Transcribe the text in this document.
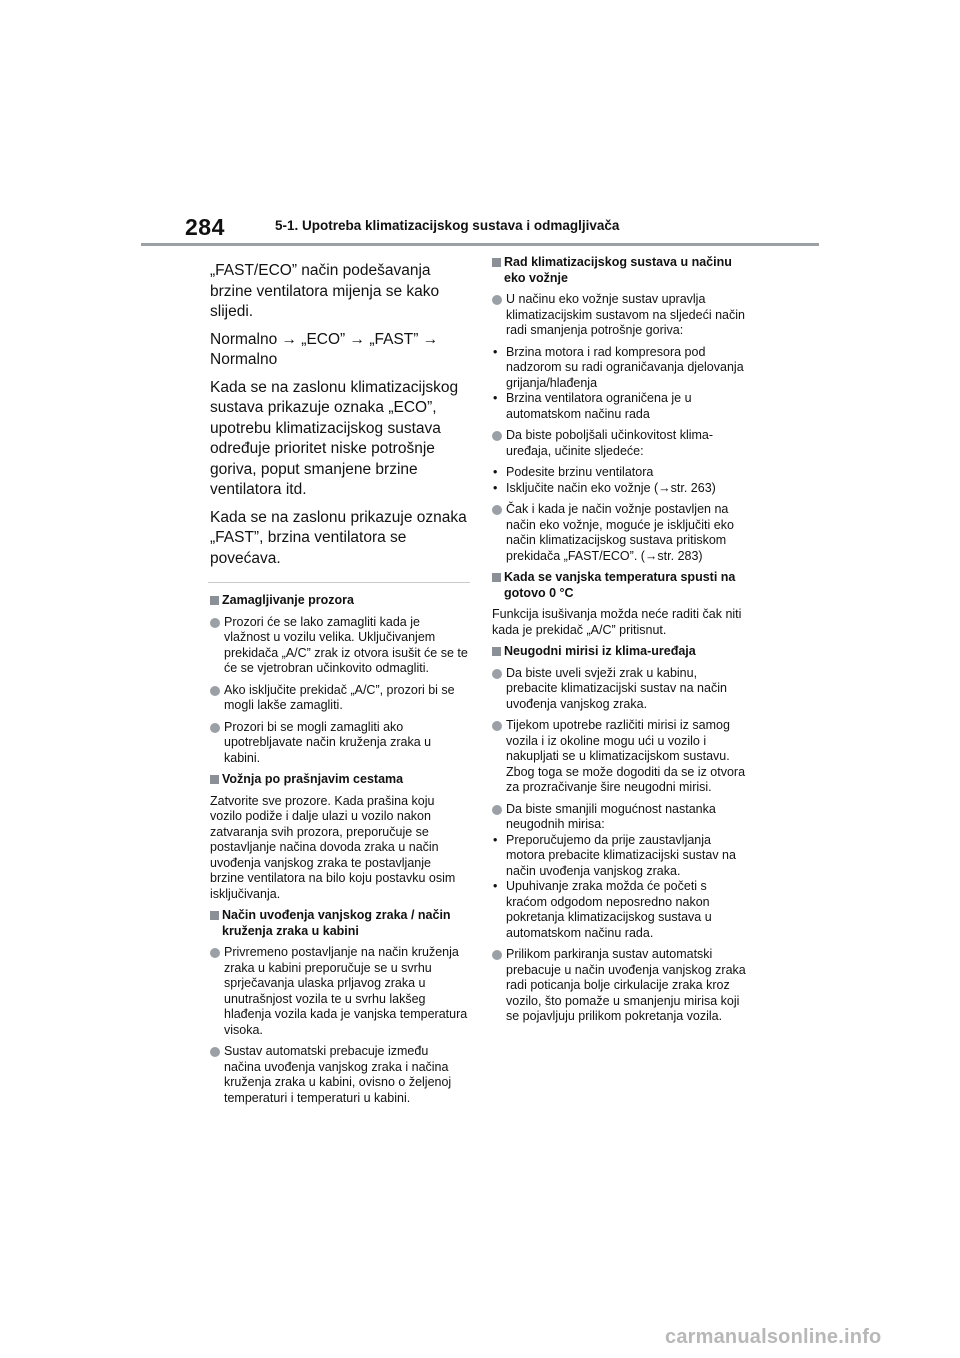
284	5-1. Upotreba klimatizacijskog sustava i odmagljivača

„FAST/ECO” način podešavanja brzine ventilatora mijenja se kako slijedi.

Normalno → „ECO” → „FAST” → Normalno

Kada se na zaslonu klimatizacijskog sustava prikazuje oznaka „ECO”, upotrebu klimatizacijskog sustava određuje prioritet niske potrošnje goriva, poput smanjene brzine ventilatora itd.

Kada se na zaslonu prikazuje oznaka „FAST”, brzina ventilatora se povećava.

Zamagljivanje prozora
Prozori će se lako zamagliti kada je vlažnost u vozilu velika. Uključivanjem prekidača „A/C” zrak iz otvora isušit će se te će se vjetrobran učinkovito odmagliti.
Ako isključite prekidač „A/C”, prozori bi se mogli lakše zamagliti.
Prozori bi se mogli zamagliti ako upotrebljavate način kruženja zraka u kabini.
Vožnja po prašnjavim cestama
Zatvorite sve prozore. Kada prašina koju vozilo podiže i dalje ulazi u vozilo nakon zatvaranja svih prozora, preporučuje se postavljanje načina dovoda zraka u način uvođenja vanjskog zraka te postavljanje brzine ventilatora na bilo koju postavku osim isključivanja.
Način uvođenja vanjskog zraka / način kruženja zraka u kabini
Privremeno postavljanje na način kruženja zraka u kabini preporučuje se u svrhu sprječavanja ulaska prljavog zraka u unutrašnjost vozila te u svrhu lakšeg hlađenja vozila kada je vanjska temperatura visoka.
Sustav automatski prebacuje između načina uvođenja vanjskog zraka i načina kruženja zraka u kabini, ovisno o željenoj temperaturi i temperaturi u kabini.
Rad klimatizacijskog sustava u načinu eko vožnje
U načinu eko vožnje sustav upravlja klimatizacijskim sustavom na sljedeći način radi smanjenja potrošnje goriva:
• Brzina motora i rad kompresora pod nadzorom su radi ograničavanja djelovanja grijanja/hlađenja
• Brzina ventilatora ograničena je u automatskom načinu rada
Da biste poboljšali učinkovitost klima-uređaja, učinite sljedeće:
• Podesite brzinu ventilatora
• Isključite način eko vožnje (→str. 263)
Čak i kada je način vožnje postavljen na način eko vožnje, moguće je isključiti eko način klimatizacijskog sustava pritiskom prekidača „FAST/ECO”. (→str. 283)
Kada se vanjska temperatura spusti na gotovo 0 °C
Funkcija isušivanja možda neće raditi čak niti kada je prekidač „A/C” pritisnut.
Neugodni mirisi iz klima-uređaja
Da biste uveli svježi zrak u kabinu, prebacite klimatizacijski sustav na način uvođenja vanjskog zraka.
Tijekom upotrebe različiti mirisi iz samog vozila i iz okoline mogu ući u vozilo i nakupljati se u klimatizacijskom sustavu. Zbog toga se može dogoditi da se iz otvora za prozračivanje šire neugodni mirisi.
Da biste smanjili mogućnost nastanka neugodnih mirisa:
• Preporučujemo da prije zaustavljanja motora prebacite klimatizacijski sustav na način uvođenja vanjskog zraka.
• Upuhivanje zraka možda će početi s kraćom odgodom neposredno nakon pokretanja klimatizacijskog sustava u automatskom načinu rada.
Prilikom parkiranja sustav automatski prebacuje u način uvođenja vanjskog zraka radi poticanja bolje cirkulacije zraka kroz vozilo, što pomaže u smanjenju mirisa koji se pojavljuju prilikom pokretanja vozila.
carmanualsonline.info
